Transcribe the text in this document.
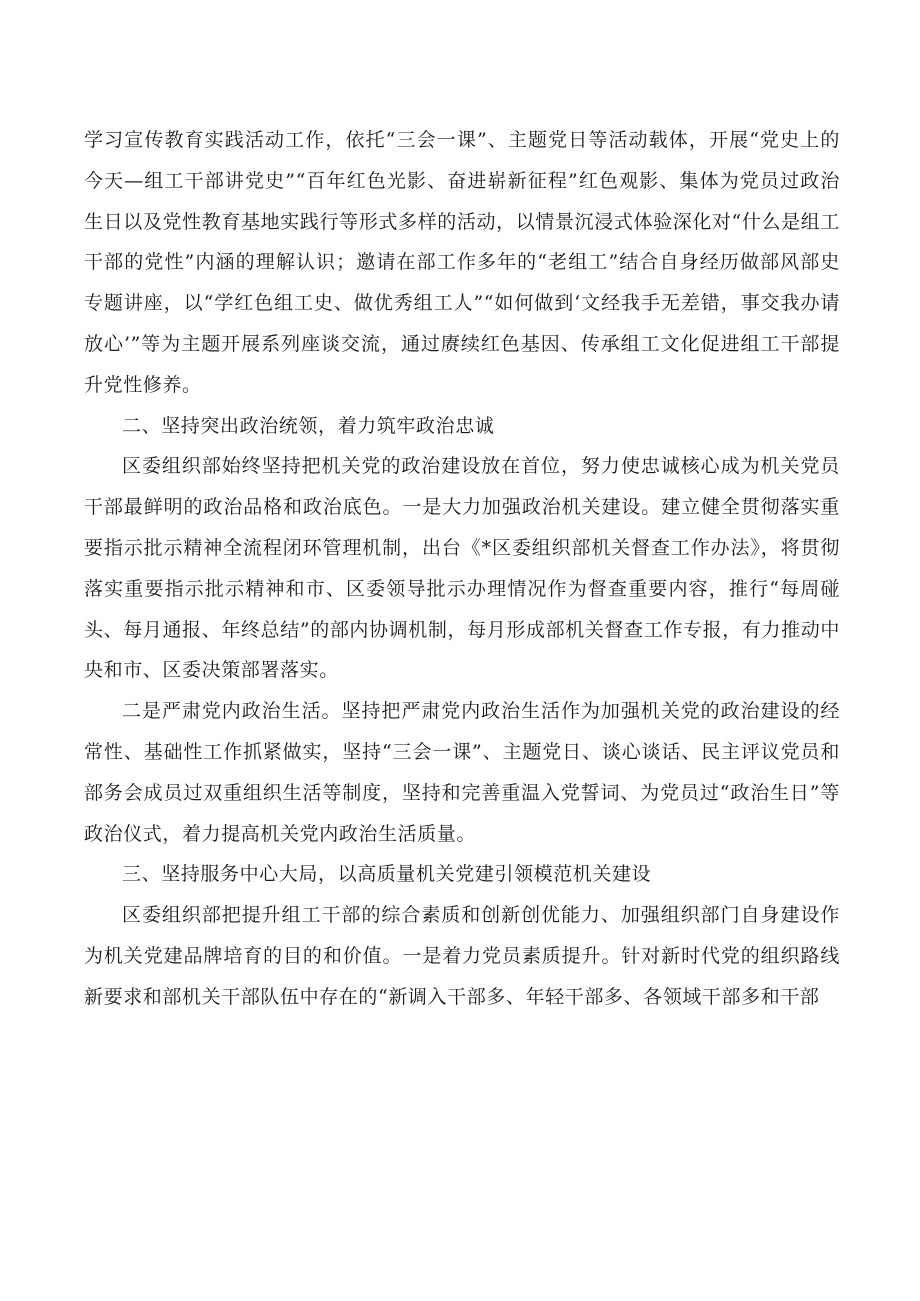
学习宣传教育实践活动工作，依托“三会一课”、主题党日等活动载体，开展“党史上的今天—组工干部讲党史”“百年红色光影、奋进崭新征程”红色观影、集体为党员过政治生日以及党性教育基地实践行等形式多样的活动，以情景沉浸式体验深化对“什么是组工干部的党性”内涵的理解认识；邀请在部工作多年的“老组工”结合自身经历做部风部史专题讲座，以“学红色组工史、做优秀组工人”“如何做到‘文经我手无差错，事交我办请放心’”等为主题开展系列座谈交流，通过赓续红色基因、传承组工文化促进组工干部提升党性修养。

二、坚持突出政治统领，着力筑牢政治忠诚

区委组织部始终坚持把机关党的政治建设放在首位，努力使忠诚核心成为机关党员干部最鲜明的政治品格和政治底色。一是大力加强政治机关建设。建立健全贯彻落实重要指示批示精神全流程闭环管理机制，出台《*区委组织部机关督查工作办法》，将贯彻落实重要指示批示精神和市、区委领导批示办理情况作为督查重要内容，推行“每周碰头、每月通报、年终总结”的部内协调机制，每月形成部机关督查工作专报，有力推动中央和市、区委决策部署落实。

二是严肃党内政治生活。坚持把严肃党内政治生活作为加强机关党的政治建设的经常性、基础性工作抓紧做实，坚持“三会一课”、主题党日、谈心谈话、民主评议党员和部务会成员过双重组织生活等制度，坚持和完善重温入党誓词、为党员过“政治生日”等政治仪式，着力提高机关党内政治生活质量。

三、坚持服务中心大局，以高质量机关党建引领模范机关建设

区委组织部把提升组工干部的综合素质和创新创优能力、加强组织部门自身建设作为机关党建品牌培育的目的和价值。一是着力党员素质提升。针对新时代党的组织路线新要求和部机关干部队伍中存在的“新调入干部多、年轻干部多、各领域干部多和干部
